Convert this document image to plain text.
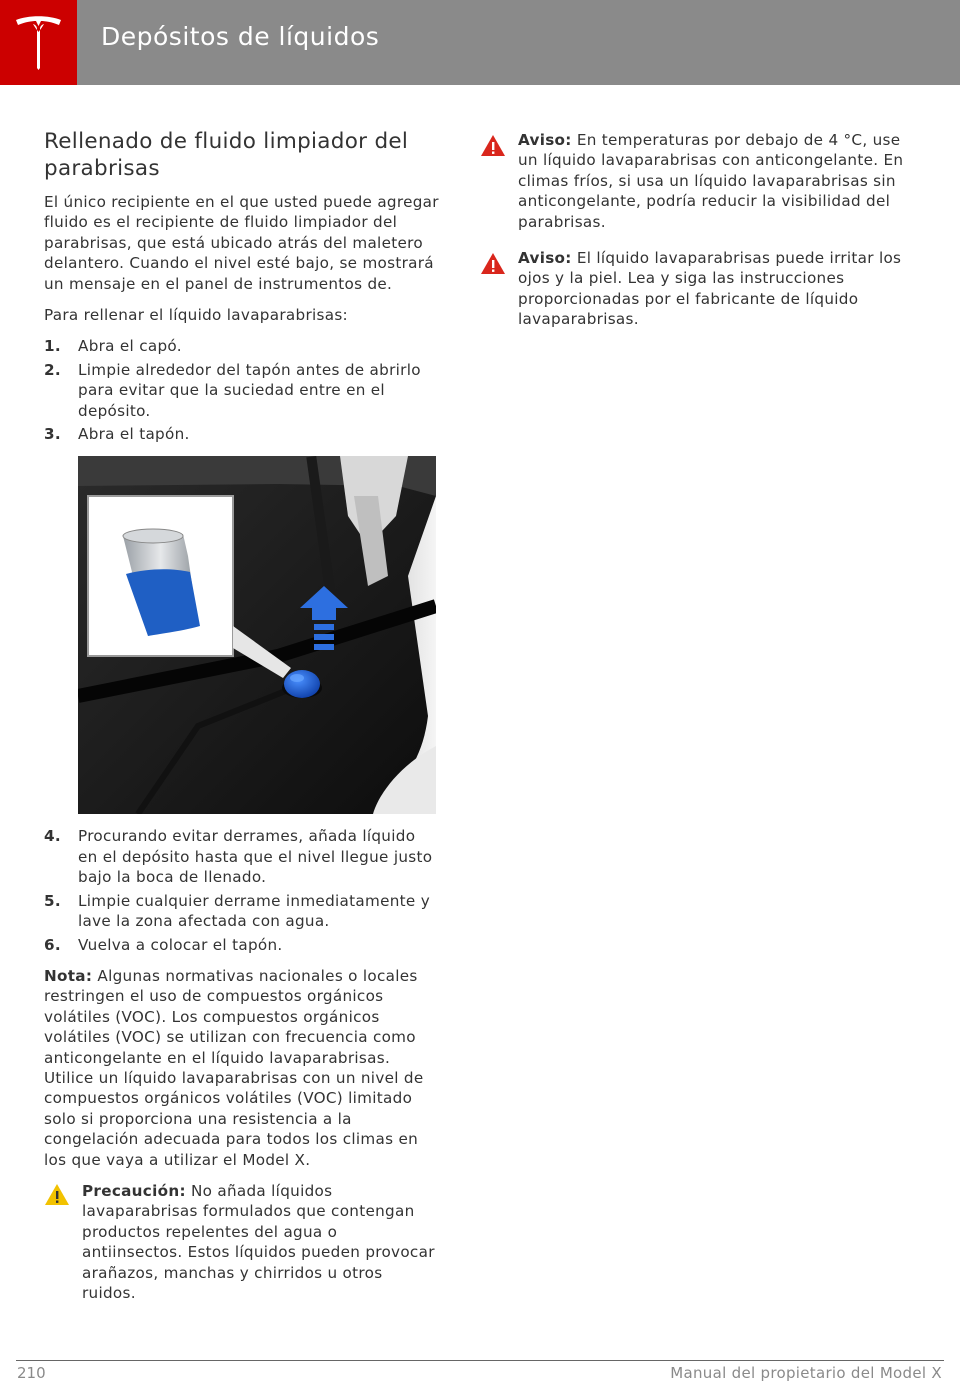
Depósitos de líquidos
Rellenado de fluido limpiador del parabrisas

El único recipiente en el que usted puede agregar fluido es el recipiente de fluido limpiador del parabrisas, que está ubicado atrás del maletero delantero. Cuando el nivel esté bajo, se mostrará un mensaje en el panel de instrumentos de.

Para rellenar el líquido lavaparabrisas:

1. Abra el capó.
2. Limpie alrededor del tapón antes de abrirlo para evitar que la suciedad entre en el depósito.
3. Abra el tapón.
4. Procurando evitar derrames, añada líquido en el depósito hasta que el nivel llegue justo bajo la boca de llenado.
5. Limpie cualquier derrame inmediatamente y lave la zona afectada con agua.
6. Vuelva a colocar el tapón.

Nota: Algunas normativas nacionales o locales restringen el uso de compuestos orgánicos volátiles (VOC). Los compuestos orgánicos volátiles (VOC) se utilizan con frecuencia como anticongelante en el líquido lavaparabrisas. Utilice un líquido lavaparabrisas con un nivel de compuestos orgánicos volátiles (VOC) limitado solo si proporciona una resistencia a la congelación adecuada para todos los climas en los que vaya a utilizar el Model X.

Precaución: No añada líquidos lavaparabrisas formulados que contengan productos repelentes del agua o antiinsectos. Estos líquidos pueden provocar arañazos, manchas y chirridos u otros ruidos.
Aviso: En temperaturas por debajo de 4 °C, use un líquido lavaparabrisas con anticongelante. En climas fríos, si usa un líquido lavaparabrisas sin anticongelante, podría reducir la visibilidad del parabrisas.
Aviso: El líquido lavaparabrisas puede irritar los ojos y la piel. Lea y siga las instrucciones proporcionadas por el fabricante de líquido lavaparabrisas.
210	Manual del propietario del Model X
